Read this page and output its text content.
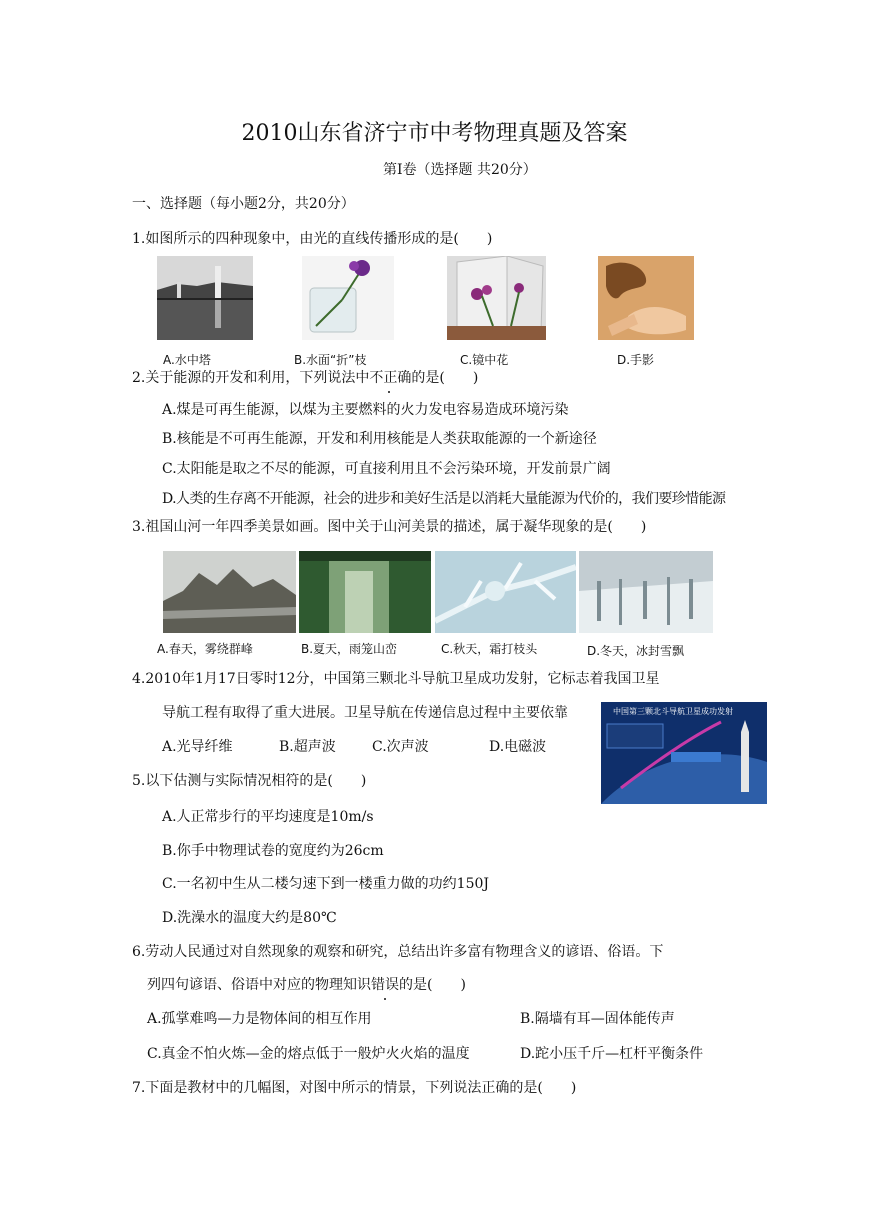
2010山东省济宁市中考物理真题及答案
第Ⅰ卷（选择题 共20分）
一、选择题（每小题2分，共20分）
1.如图所示的四种现象中，由光的直线传播形成的是(　　)
A.水中塔	B.水面“折”枝	C.镜中花	D.手影
2.关于能源的开发和利用，下列说法中不正确的是(　　)
A.煤是可再生能源，以煤为主要燃料的火力发电容易造成环境污染
B.核能是不可再生能源，开发和利用核能是人类获取能源的一个新途径
C.太阳能是取之不尽的能源，可直接利用且不会污染环境，开发前景广阔
D.人类的生存离不开能源，社会的进步和美好生活是以消耗大量能源为代价的，我们要珍惜能源
3.祖国山河一年四季美景如画。图中关于山河美景的描述，属于凝华现象的是(　　)
A.春天，雾绕群峰	B.夏天，雨笼山峦	C.秋天，霜打枝头	D.冬天，冰封雪飘
4.2010年1月17日零时12分，中国第三颗北斗导航卫星成功发射，它标志着我国卫星
导航工程有取得了重大进展。卫星导航在传递信息过程中主要依靠
A.光导纤维	B.超声波	C.次声波	D.电磁波
中国第三颗北斗导航卫星成功发射
5.以下估测与实际情况相符的是(　　)
A.人正常步行的平均速度是10m/s
B.你手中物理试卷的宽度约为26cm
C.一名初中生从二楼匀速下到一楼重力做的功约150J
D.洗澡水的温度大约是80℃
6.劳动人民通过对自然现象的观察和研究，总结出许多富有物理含义的谚语、俗语。下
列四句谚语、俗语中对应的物理知识错误的是(　　)
A.孤掌难鸣—力是物体间的相互作用	B.隔墙有耳—固体能传声
C.真金不怕火炼—金的熔点低于一般炉火火焰的温度	D.跎小压千斤—杠杆平衡条件
7.下面是教材中的几幅图，对图中所示的情景，下列说法正确的是(　　)
